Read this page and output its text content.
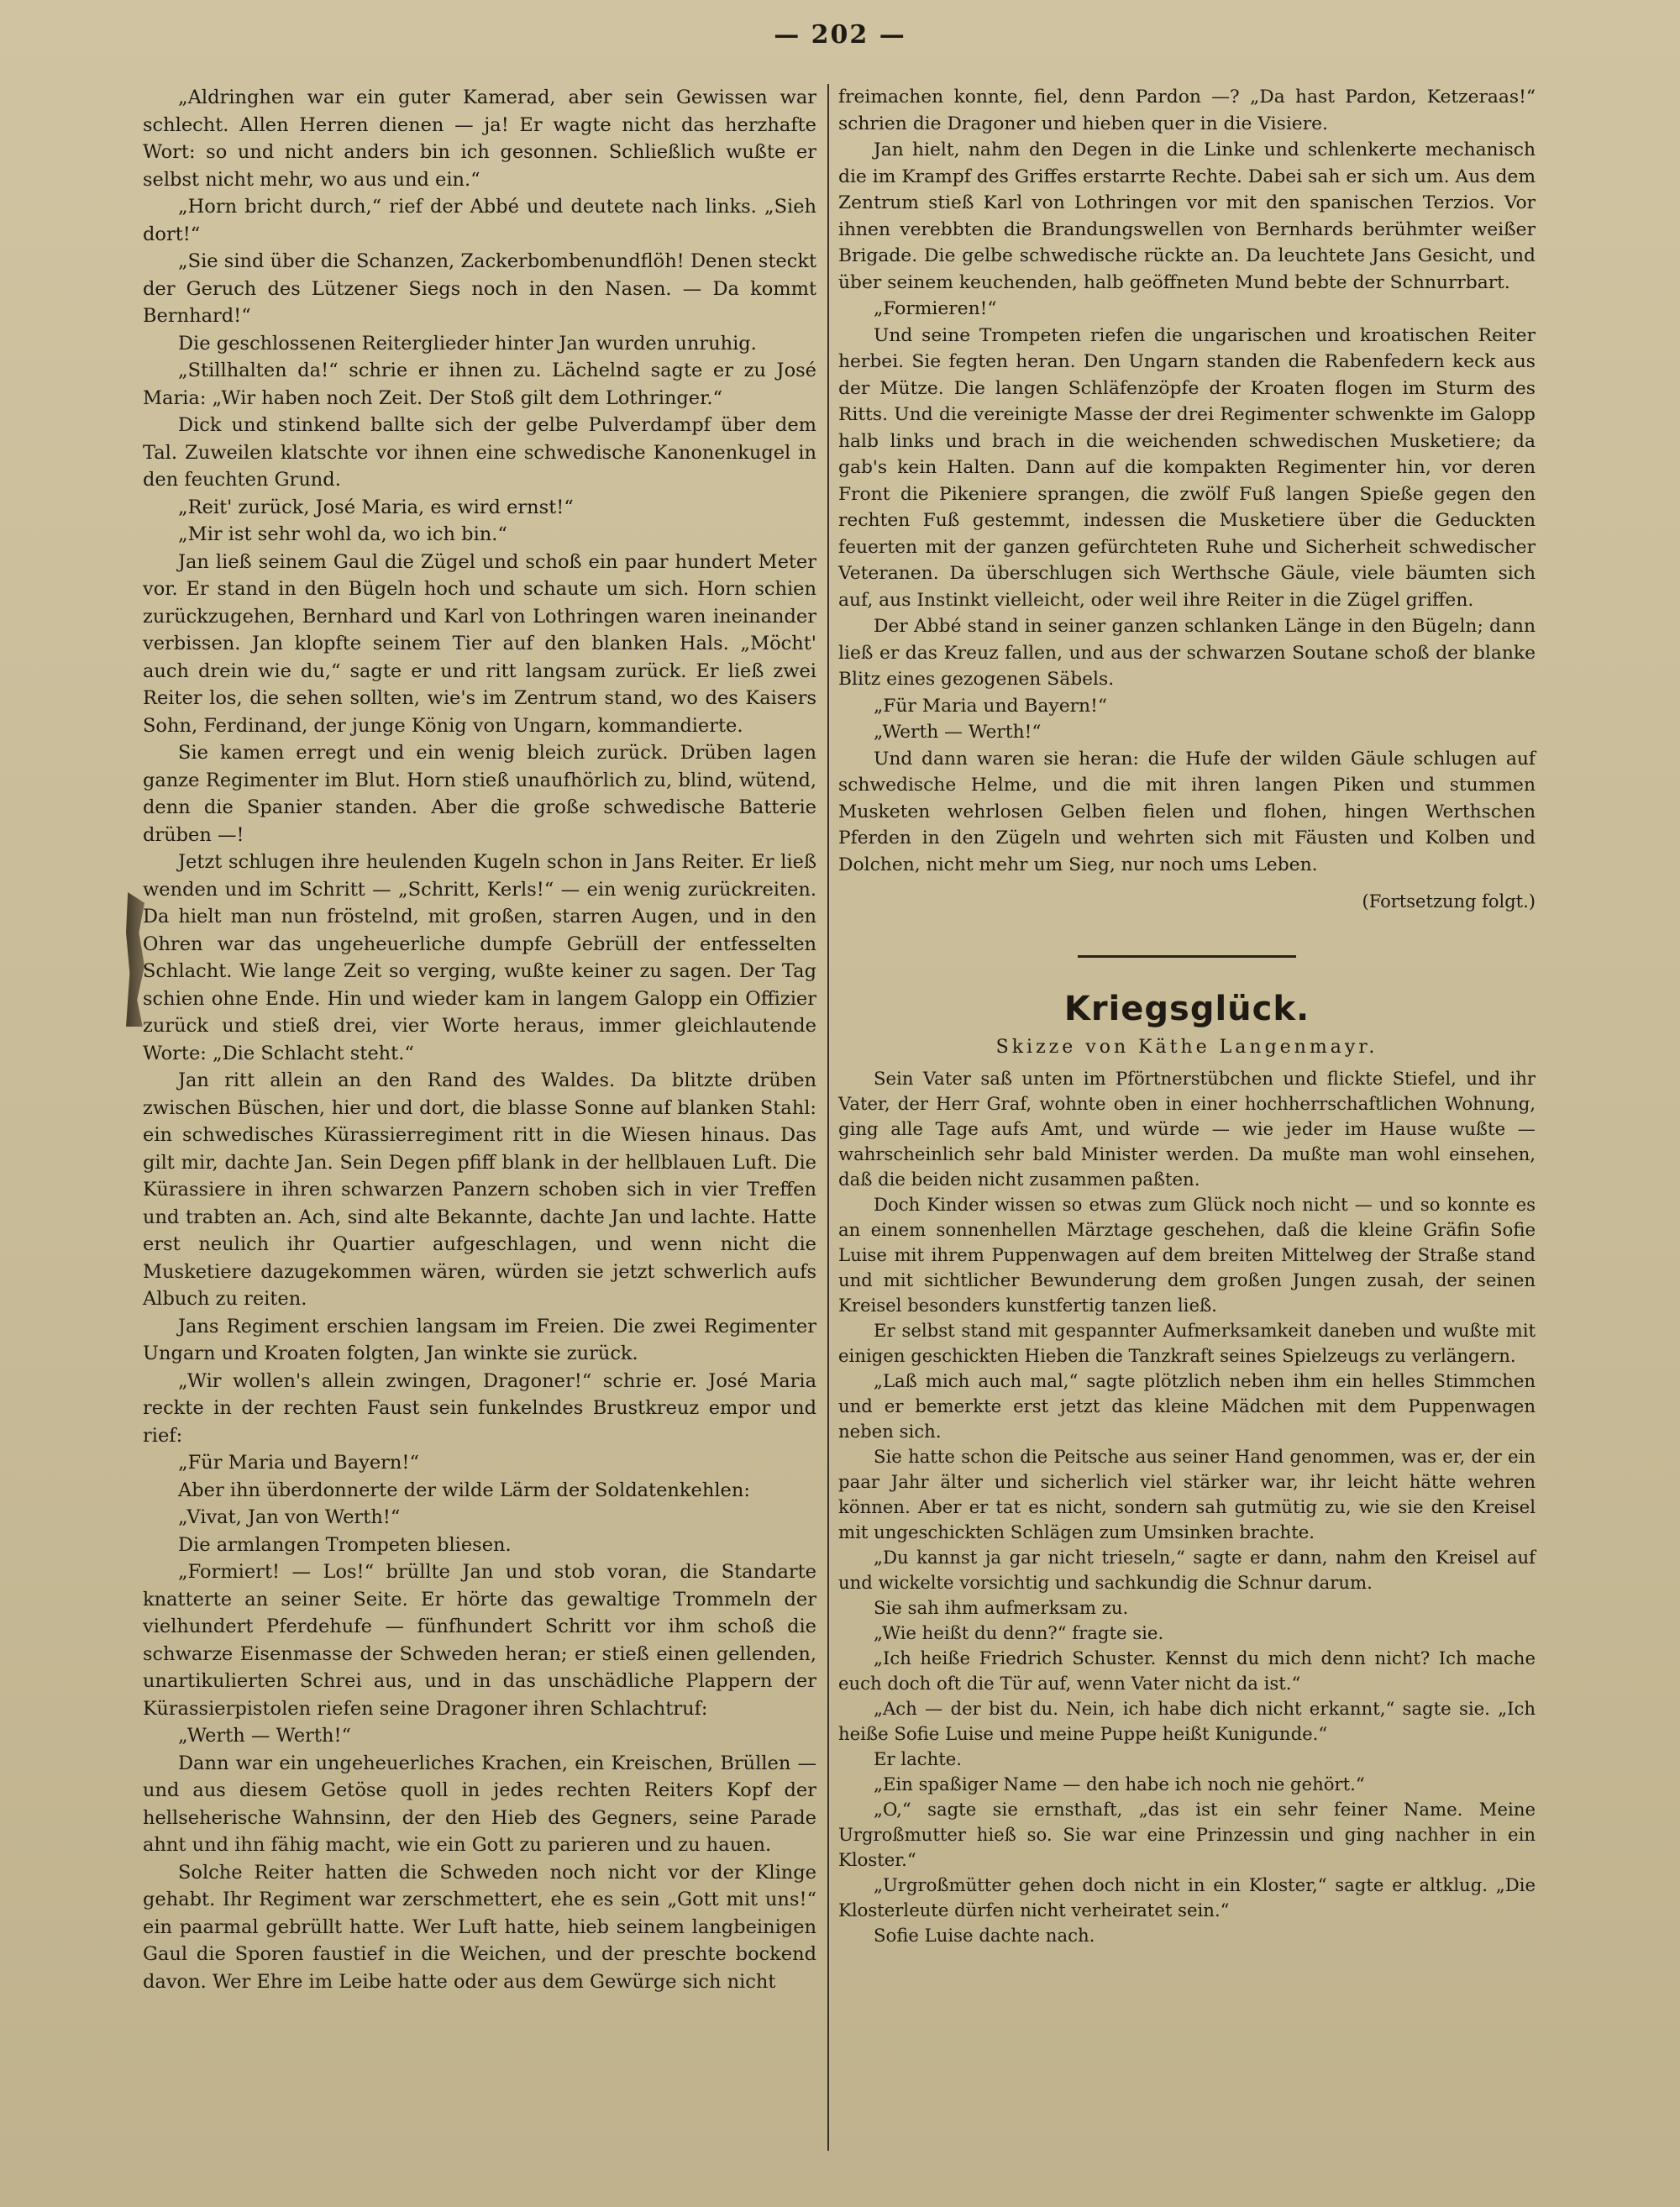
— 202 —

„Aldringhen war ein guter Kamerad, aber sein Gewissen war schlecht. Allen Herren dienen — ja! Er wagte nicht das herzhafte Wort: so und nicht anders bin ich gesonnen. Schließlich wußte er selbst nicht mehr, wo aus und ein.“

„Horn bricht durch,“ rief der Abbé und deutete nach links. „Sieh dort!“

„Sie sind über die Schanzen, Zackerbombenundflöh! Denen steckt der Geruch des Lützener Siegs noch in den Nasen. — Da kommt Bernhard!“

Die geschlossenen Reiterglieder hinter Jan wurden unruhig.

„Stillhalten da!“ schrie er ihnen zu. Lächelnd sagte er zu José Maria: „Wir haben noch Zeit. Der Stoß gilt dem Lothringer.“

Dick und stinkend ballte sich der gelbe Pulverdampf über dem Tal. Zuweilen klatschte vor ihnen eine schwedische Kanonenkugel in den feuchten Grund.

„Reit' zurück, José Maria, es wird ernst!“

„Mir ist sehr wohl da, wo ich bin.“

Jan ließ seinem Gaul die Zügel und schoß ein paar hundert Meter vor. Er stand in den Bügeln hoch und schaute um sich. Horn schien zurückzugehen, Bernhard und Karl von Lothringen waren ineinander verbissen. Jan klopfte seinem Tier auf den blanken Hals. „Möcht' auch drein wie du,“ sagte er und ritt langsam zurück. Er ließ zwei Reiter los, die sehen sollten, wie's im Zentrum stand, wo des Kaisers Sohn, Ferdinand, der junge König von Ungarn, kommandierte.

Sie kamen erregt und ein wenig bleich zurück. Drüben lagen ganze Regimenter im Blut. Horn stieß unaufhörlich zu, blind, wütend, denn die Spanier standen. Aber die große schwedische Batterie drüben —!

Jetzt schlugen ihre heulenden Kugeln schon in Jans Reiter. Er ließ wenden und im Schritt — „Schritt, Kerls!“ — ein wenig zurückreiten. Da hielt man nun fröstelnd, mit großen, starren Augen, und in den Ohren war das ungeheuerliche dumpfe Gebrüll der entfesselten Schlacht. Wie lange Zeit so verging, wußte keiner zu sagen. Der Tag schien ohne Ende. Hin und wieder kam in langem Galopp ein Offizier zurück und stieß drei, vier Worte heraus, immer gleichlautende Worte: „Die Schlacht steht.“

Jan ritt allein an den Rand des Waldes. Da blitzte drüben zwischen Büschen, hier und dort, die blasse Sonne auf blanken Stahl: ein schwedisches Kürassierregiment ritt in die Wiesen hinaus. Das gilt mir, dachte Jan. Sein Degen pfiff blank in der hellblauen Luft. Die Kürassiere in ihren schwarzen Panzern schoben sich in vier Treffen und trabten an. Ach, sind alte Bekannte, dachte Jan und lachte. Hatte erst neulich ihr Quartier aufgeschlagen, und wenn nicht die Musketiere dazugekommen wären, würden sie jetzt schwerlich aufs Albuch zu reiten.

Jans Regiment erschien langsam im Freien. Die zwei Regimenter Ungarn und Kroaten folgten, Jan winkte sie zurück.

„Wir wollen's allein zwingen, Dragoner!“ schrie er. José Maria reckte in der rechten Faust sein funkelndes Brustkreuz empor und rief:

„Für Maria und Bayern!“

Aber ihn überdonnerte der wilde Lärm der Soldatenkehlen:

„Vivat, Jan von Werth!“

Die armlangen Trompeten bliesen.

„Formiert! — Los!“ brüllte Jan und stob voran, die Standarte knatterte an seiner Seite. Er hörte das gewaltige Trommeln der vielhundert Pferdehufe — fünfhundert Schritt vor ihm schoß die schwarze Eisenmasse der Schweden heran; er stieß einen gellenden, unartikulierten Schrei aus, und in das unschädliche Plappern der Kürassierpistolen riefen seine Dragoner ihren Schlachtruf:

„Werth — Werth!“

Dann war ein ungeheuerliches Krachen, ein Kreischen, Brüllen — und aus diesem Getöse quoll in jedes rechten Reiters Kopf der hellseherische Wahnsinn, der den Hieb des Gegners, seine Parade ahnt und ihn fähig macht, wie ein Gott zu parieren und zu hauen.

Solche Reiter hatten die Schweden noch nicht vor der Klinge gehabt. Ihr Regiment war zerschmettert, ehe es sein „Gott mit uns!“ ein paarmal gebrüllt hatte. Wer Luft hatte, hieb seinem langbeinigen Gaul die Sporen faustief in die Weichen, und der preschte bockend davon. Wer Ehre im Leibe hatte oder aus dem Gewürge sich nicht

freimachen konnte, fiel, denn Pardon —? „Da hast Pardon, Ketzeraas!“ schrien die Dragoner und hieben quer in die Visiere.

Jan hielt, nahm den Degen in die Linke und schlenkerte mechanisch die im Krampf des Griffes erstarrte Rechte. Dabei sah er sich um. Aus dem Zentrum stieß Karl von Lothringen vor mit den spanischen Terzios. Vor ihnen verebbten die Brandungswellen von Bernhards berühmter weißer Brigade. Die gelbe schwedische rückte an. Da leuchtete Jans Gesicht, und über seinem keuchenden, halb geöffneten Mund bebte der Schnurrbart.

„Formieren!“

Und seine Trompeten riefen die ungarischen und kroatischen Reiter herbei. Sie fegten heran. Den Ungarn standen die Rabenfedern keck aus der Mütze. Die langen Schläfenzöpfe der Kroaten flogen im Sturm des Ritts. Und die vereinigte Masse der drei Regimenter schwenkte im Galopp halb links und brach in die weichenden schwedischen Musketiere; da gab's kein Halten. Dann auf die kompakten Regimenter hin, vor deren Front die Pikeniere sprangen, die zwölf Fuß langen Spieße gegen den rechten Fuß gestemmt, indessen die Musketiere über die Geduckten feuerten mit der ganzen gefürchteten Ruhe und Sicherheit schwedischer Veteranen. Da überschlugen sich Werthsche Gäule, viele bäumten sich auf, aus Instinkt vielleicht, oder weil ihre Reiter in die Zügel griffen.

Der Abbé stand in seiner ganzen schlanken Länge in den Bügeln; dann ließ er das Kreuz fallen, und aus der schwarzen Soutane schoß der blanke Blitz eines gezogenen Säbels.

„Für Maria und Bayern!“

„Werth — Werth!“

Und dann waren sie heran: die Hufe der wilden Gäule schlugen auf schwedische Helme, und die mit ihren langen Piken und stummen Musketen wehrlosen Gelben fielen und flohen, hingen Werthschen Pferden in den Zügeln und wehrten sich mit Fäusten und Kolben und Dolchen, nicht mehr um Sieg, nur noch ums Leben.

(Fortsetzung folgt.)
Kriegsglück.
Skizze von Käthe Langenmayr.

Sein Vater saß unten im Pförtnerstübchen und flickte Stiefel, und ihr Vater, der Herr Graf, wohnte oben in einer hochherrschaftlichen Wohnung, ging alle Tage aufs Amt, und würde — wie jeder im Hause wußte — wahrscheinlich sehr bald Minister werden. Da mußte man wohl einsehen, daß die beiden nicht zusammen paßten.

Doch Kinder wissen so etwas zum Glück noch nicht — und so konnte es an einem sonnenhellen Märztage geschehen, daß die kleine Gräfin Sofie Luise mit ihrem Puppenwagen auf dem breiten Mittelweg der Straße stand und mit sichtlicher Bewunderung dem großen Jungen zusah, der seinen Kreisel besonders kunstfertig tanzen ließ.

Er selbst stand mit gespannter Aufmerksamkeit daneben und wußte mit einigen geschickten Hieben die Tanzkraft seines Spielzeugs zu verlängern.

„Laß mich auch mal,“ sagte plötzlich neben ihm ein helles Stimmchen und er bemerkte erst jetzt das kleine Mädchen mit dem Puppenwagen neben sich.

Sie hatte schon die Peitsche aus seiner Hand genommen, was er, der ein paar Jahr älter und sicherlich viel stärker war, ihr leicht hätte wehren können. Aber er tat es nicht, sondern sah gutmütig zu, wie sie den Kreisel mit ungeschickten Schlägen zum Umsinken brachte.

„Du kannst ja gar nicht trieseln,“ sagte er dann, nahm den Kreisel auf und wickelte vorsichtig und sachkundig die Schnur darum.

Sie sah ihm aufmerksam zu.

„Wie heißt du denn?“ fragte sie.

„Ich heiße Friedrich Schuster. Kennst du mich denn nicht? Ich mache euch doch oft die Tür auf, wenn Vater nicht da ist.“

„Ach — der bist du. Nein, ich habe dich nicht erkannt,“ sagte sie. „Ich heiße Sofie Luise und meine Puppe heißt Kunigunde.“

Er lachte.

„Ein spaßiger Name — den habe ich noch nie gehört.“

„O,“ sagte sie ernsthaft, „das ist ein sehr feiner Name. Meine Urgroßmutter hieß so. Sie war eine Prinzessin und ging nachher in ein Kloster.“

„Urgroßmütter gehen doch nicht in ein Kloster,“ sagte er altklug. „Die Klosterleute dürfen nicht verheiratet sein.“

Sofie Luise dachte nach.
